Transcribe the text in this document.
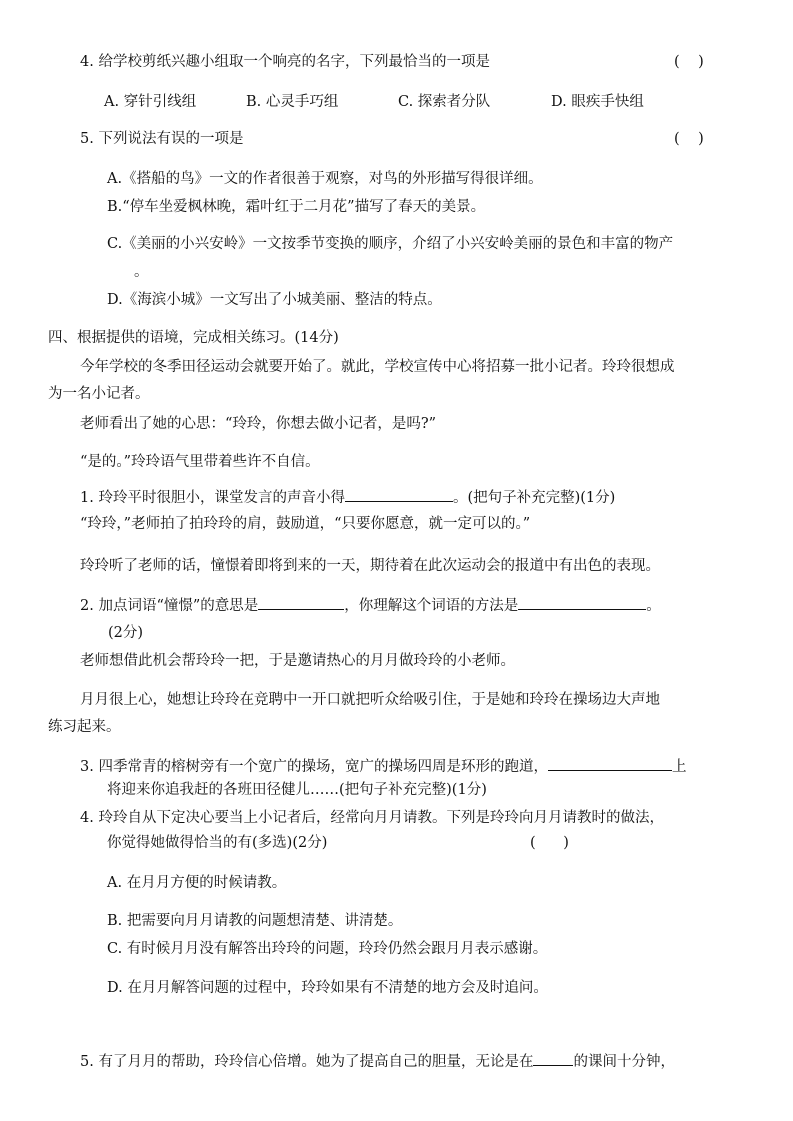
4. 给学校剪纸兴趣小组取一个响亮的名字，下列最恰当的一项是	(    )
A. 穿针引线组	B. 心灵手巧组	C. 探索者分队	D. 眼疾手快组
5. 下列说法有误的一项是	(    )
A.《搭船的鸟》一文的作者很善于观察，对鸟的外形描写得很详细。
B.“停车坐爱枫林晚，霜叶红于二月花”描写了春天的美景。
C.《美丽的小兴安岭》一文按季节变换的顺序，介绍了小兴安岭美丽的景色和丰富的物产
。
D.《海滨小城》一文写出了小城美丽、整洁的特点。
四、根据提供的语境，完成相关练习。(14分)
今年学校的冬季田径运动会就要开始了。就此，学校宣传中心将招募一批小记者。玲玲很想成
为一名小记者。
老师看出了她的心思：“玲玲，你想去做小记者，是吗?”
“是的。”玲玲语气里带着些许不自信。
1. 玲玲平时很胆小，课堂发言的声音小得	。(把句子补充完整)(1分)
“玲玲，”老师拍了拍玲玲的肩，鼓励道，“只要你愿意，就一定可以的。”
玲玲听了老师的话，憧憬着即将到来的一天，期待着在此次运动会的报道中有出色的表现。
2. 加点词语“憧憬”的意思是	，你理解这个词语的方法是	。
(2分)
老师想借此机会帮玲玲一把，于是邀请热心的月月做玲玲的小老师。
月月很上心，她想让玲玲在竞聘中一开口就把听众给吸引住，于是她和玲玲在操场边大声地
练习起来。
3. 四季常青的榕树旁有一个宽广的操场，宽广的操场四周是环形的跑道，	上
将迎来你追我赶的各班田径健儿……(把句子补充完整)(1分)
4. 玲玲自从下定决心要当上小记者后，经常向月月请教。下列是玲玲向月月请教时的做法，
你觉得她做得恰当的有(多选)(2分)	(      )
A. 在月月方便的时候请教。
B. 把需要向月月请教的问题想清楚、讲清楚。
C. 有时候月月没有解答出玲玲的问题，玲玲仍然会跟月月表示感谢。
D. 在月月解答问题的过程中，玲玲如果有不清楚的地方会及时追问。
5. 有了月月的帮助，玲玲信心倍增。她为了提高自己的胆量，无论是在	的课间十分钟，
